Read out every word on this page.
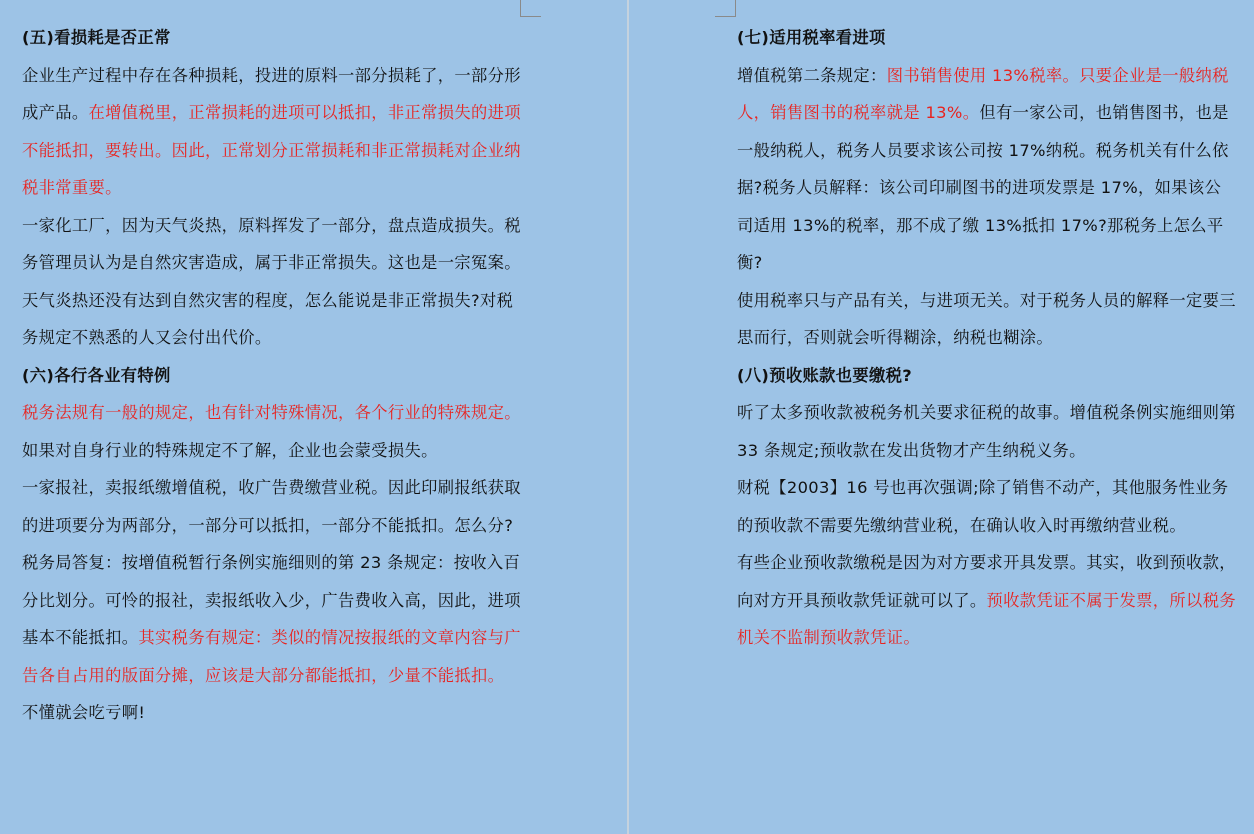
(五)看损耗是否正常

企业生产过程中存在各种损耗，投进的原料一部分损耗了，一部分形成产品。在增值税里，正常损耗的进项可以抵扣，非正常损失的进项不能抵扣，要转出。因此，正常划分正常损耗和非正常损耗对企业纳税非常重要。

一家化工厂，因为天气炎热，原料挥发了一部分，盘点造成损失。税务管理员认为是自然灾害造成，属于非正常损失。这也是一宗冤案。天气炎热还没有达到自然灾害的程度，怎么能说是非正常损失?对税务规定不熟悉的人又会付出代价。

(六)各行各业有特例

税务法规有一般的规定，也有针对特殊情况，各个行业的特殊规定。如果对自身行业的特殊规定不了解，企业也会蒙受损失。

一家报社，卖报纸缴增值税，收广告费缴营业税。因此印刷报纸获取的进项要分为两部分，一部分可以抵扣，一部分不能抵扣。怎么分?税务局答复：按增值税暂行条例实施细则的第 23 条规定：按收入百分比划分。可怜的报社，卖报纸收入少，广告费收入高，因此，进项基本不能抵扣。其实税务有规定：类似的情况按报纸的文章内容与广告各自占用的版面分摊，应该是大部分都能抵扣，少量不能抵扣。

不懂就会吃亏啊!

(七)适用税率看进项

增值税第二条规定：图书销售使用 13%税率。只要企业是一般纳税人，销售图书的税率就是 13%。但有一家公司，也销售图书，也是一般纳税人，税务人员要求该公司按 17%纳税。税务机关有什么依据?税务人员解释：该公司印刷图书的进项发票是 17%，如果该公司适用 13%的税率，那不成了缴 13%抵扣 17%?那税务上怎么平衡?

使用税率只与产品有关，与进项无关。对于税务人员的解释一定要三思而行，否则就会听得糊涂，纳税也糊涂。

(八)预收账款也要缴税?

听了太多预收款被税务机关要求征税的故事。增值税条例实施细则第 33 条规定;预收款在发出货物才产生纳税义务。

财税【2003】16 号也再次强调;除了销售不动产，其他服务性业务的预收款不需要先缴纳营业税，在确认收入时再缴纳营业税。

有些企业预收款缴税是因为对方要求开具发票。其实，收到预收款，向对方开具预收款凭证就可以了。预收款凭证不属于发票，所以税务机关不监制预收款凭证。
